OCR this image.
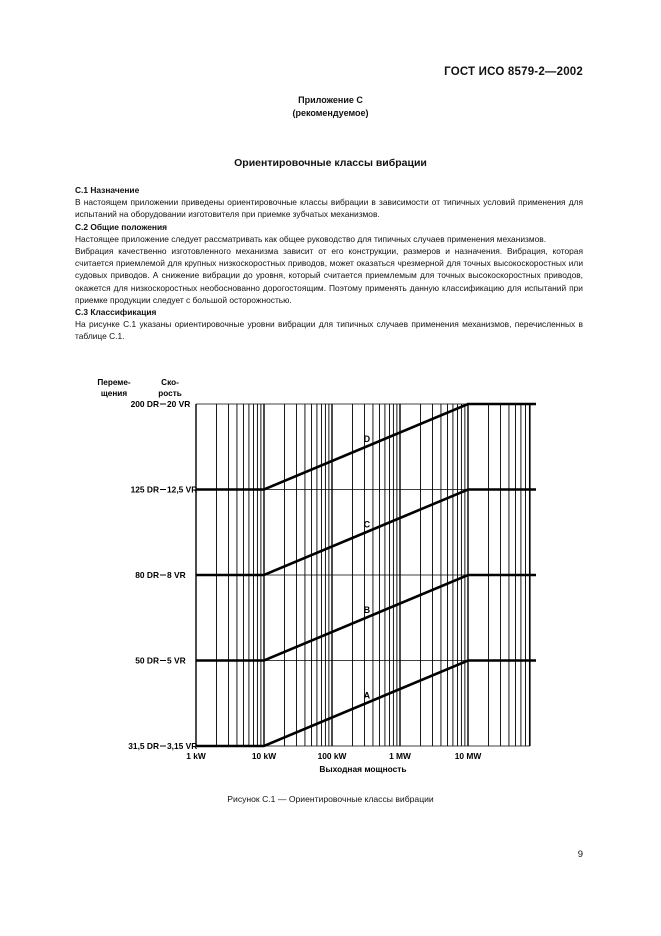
ГОСТ ИСО 8579-2—2002
Приложение С
(рекомендуемое)
Ориентировочные классы вибрации

С.1 Назначение

В настоящем приложении приведены ориентировочные классы вибрации в зависимости от типичных условий применения для испытаний на оборудовании изготовителя при приемке зубчатых механизмов.

С.2 Общие положения

Настоящее приложение следует рассматривать как общее руководство для типичных случаев применения механизмов.

Вибрация качественно изготовленного механизма зависит от его конструкции, размеров и назначения. Вибрация, которая считается приемлемой для крупных низкоскоростных приводов, может оказаться чрезмерной для точных высокоскоростных или судовых приводов. А снижение вибрации до уровня, который считается приемлемым для точных высокоскоростных приводов, окажется для низкоскоростных необоснованно дорогостоящим. Поэтому применять данную классификацию для испытаний при приемке продукции следует с большой осторожностью.

С.3 Классификация

На рисунке С.1 указаны ориентировочные уровни вибрации для типичных случаев применения механизмов, перечисленных в таблице С.1.

A
B
C
D
Переме-
щения
Ско-
рость
Выходная мощность
31,5 DR 3,15 VR
50 DR 5 VR
80 DR 8 VR
125 DR 12,5 VR
200 DR 20 VR
1 kW	10 kW	100 kW	1 MW	10 MW
Рисунок С.1 — Ориентировочные классы вибрации
9
